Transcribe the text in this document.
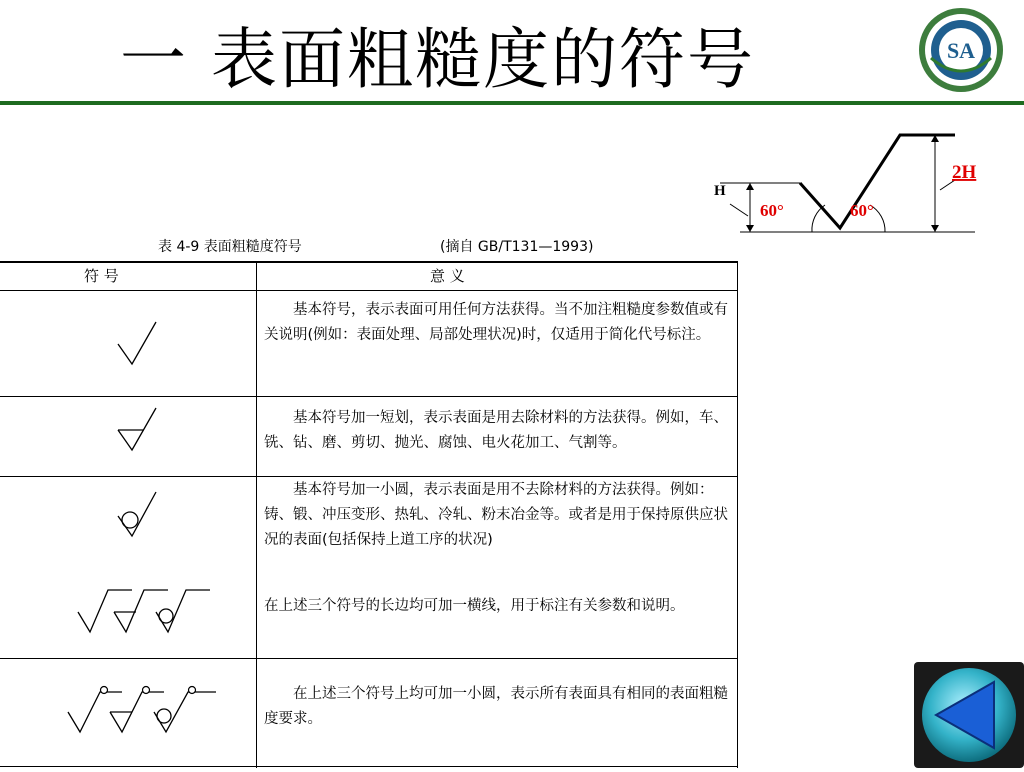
一 表面粗糙度的符号	SA
H
2H
60°	60°
表 4-9 表面粗糙度符号	(摘自 GB/T131—1993)
符 号	意 义
基本符号，表示表面可用任何方法获得。当不加注粗糙度参数值或有关说明(例如：表面处理、局部处理状况)时，仅适用于简化代号标注。
基本符号加一短划，表示表面是用去除材料的方法获得。例如，车、铣、钻、磨、剪切、抛光、腐蚀、电火花加工、气割等。
基本符号加一小圆，表示表面是用不去除材料的方法获得。例如：铸、锻、冲压变形、热轧、冷轧、粉末冶金等。或者是用于保持原供应状况的表面(包括保持上道工序的状况)
在上述三个符号的长边均可加一横线，用于标注有关参数和说明。
在上述三个符号上均可加一小圆，表示所有表面具有相同的表面粗糙度要求。
